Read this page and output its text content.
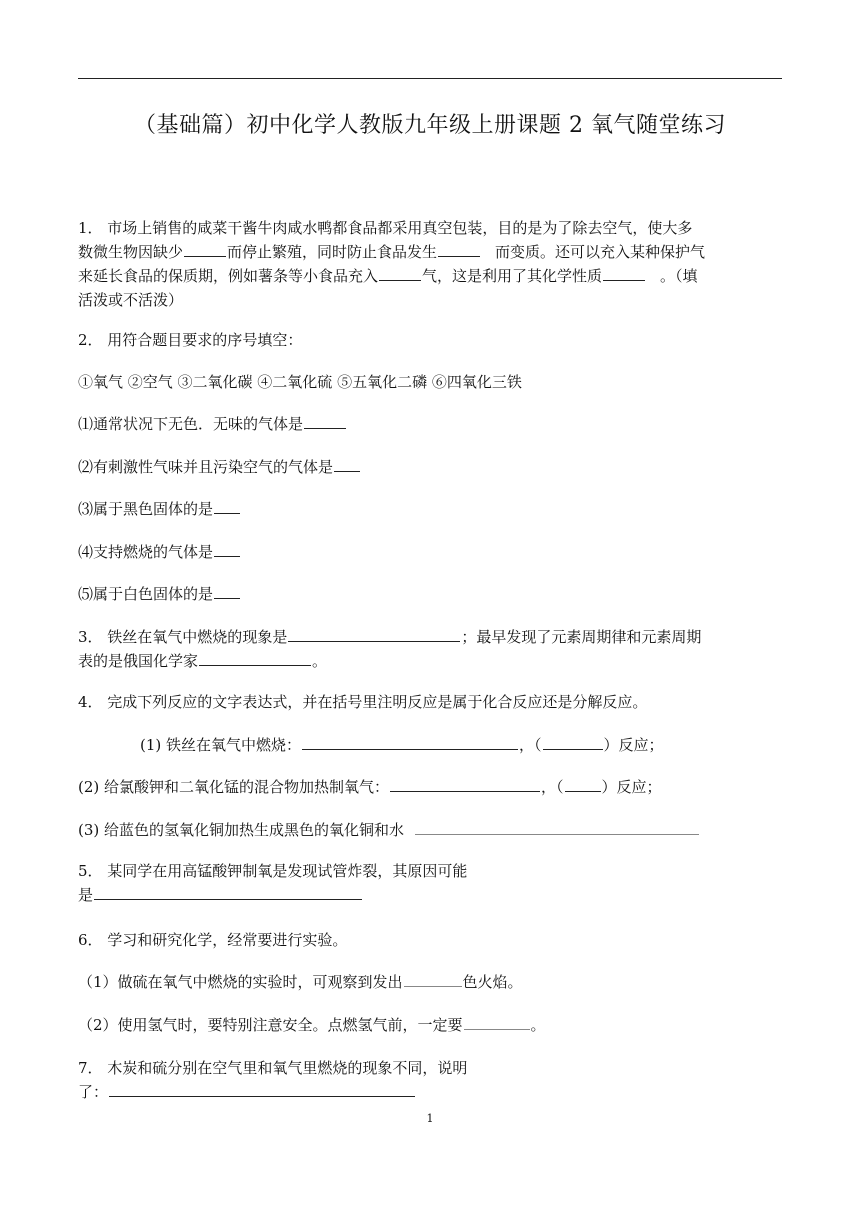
（基础篇）初中化学人教版九年级上册课题 2 氧气随堂练习
1． 市场上销售的咸菜干酱牛肉咸水鸭都食品都采用真空包装，目的是为了除去空气，使大多
数微生物因缺少	而停止繁殖，同时防止食品发生	而变质。还可以充入某种保护气
来延长食品的保质期，例如薯条等小食品充入	气，这是利用了其化学性质	。（填
活泼或不活泼）
2． 用符合题目要求的序号填空：
①氧气 ②空气 ③二氧化碳 ④二氧化硫 ⑤五氧化二磷 ⑥四氧化三铁
⑴通常状况下无色．无味的气体是
⑵有刺激性气味并且污染空气的气体是
⑶属于黑色固体的是
⑷支持燃烧的气体是
⑸属于白色固体的是
3． 铁丝在氧气中燃烧的现象是	；最早发现了元素周期律和元素周期
表的是俄国化学家	。
4． 完成下列反应的文字表达式，并在括号里注明反应是属于化合反应还是分解反应。
(1) 铁丝在氧气中燃烧：	，（	）反应；
(2) 给氯酸钾和二氧化锰的混合物加热制氧气：	，（	）反应；
(3) 给蓝色的氢氧化铜加热生成黑色的氧化铜和水
5． 某同学在用高锰酸钾制氧是发现试管炸裂，其原因可能
是
6． 学习和研究化学，经常要进行实验。
（1）做硫在氧气中燃烧的实验时，可观察到发出	色火焰。
（2）使用氢气时，要特别注意安全。点燃氢气前，一定要	。
7． 木炭和硫分别在空气里和氧气里燃烧的现象不同，说明
了：
1
